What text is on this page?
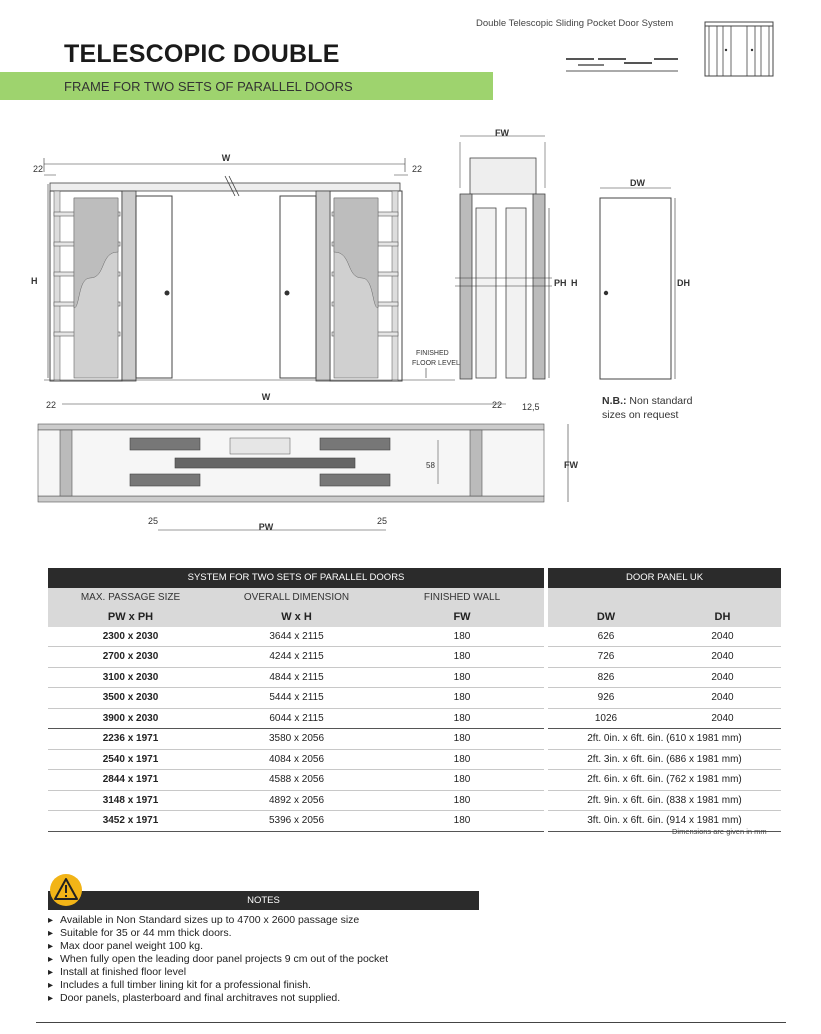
Double Telescopic Sliding Pocket Door System
TELESCOPIC DOUBLE
FRAME FOR TWO SETS OF PARALLEL DOORS
W
22	22
H
FINISHED
FLOOR LEVEL
FW
PH H
DW
DH
W
22	22 12,5
58	FW
25	25
PW
N.B.: Non standard
sizes on request
SYSTEM FOR TWO SETS OF PARALLEL DOORS				DOOR PANEL UK	
MAX. PASSAGE SIZE	OVERALL DIMENSION	FINISHED WALL			
PW x PH	W x H	FW		DW	DH
2300 x 2030	3644 x 2115	180		626	2040
2700 x 2030	4244 x 2115	180		726	2040
3100 x 2030	4844 x 2115	180		826	2040
3500 x 2030	5444 x 2115	180		926	2040
3900 x 2030	6044 x 2115	180		1026	2040
2236 x 1971	3580 x 2056	180		2ft. 0in. x 6ft. 6in. (610 x 1981 mm)	
2540 x 1971	4084 x 2056	180		2ft. 3in. x 6ft. 6in. (686 x 1981 mm)	
2844 x 1971	4588 x 2056	180		2ft. 6in. x 6ft. 6in. (762 x 1981 mm)	
3148 x 1971	4892 x 2056	180		2ft. 9in. x 6ft. 6in. (838 x 1981 mm)	
3452 x 1971	5396 x 2056	180		3ft. 0in. x 6ft. 6in. (914 x 1981 mm)	
Dimensions are given in mm
NOTES
▸ Available in Non Standard sizes up to 4700 x 2600 passage size
▸ Suitable for 35 or 44 mm thick doors.
▸ Max door panel weight 100 kg.
▸ When fully open the leading door panel projects 9 cm out of the pocket
▸ Install at finished floor level
▸ Includes a full timber lining kit for a professional finish.
▸ Door panels, plasterboard and final architraves not supplied.
